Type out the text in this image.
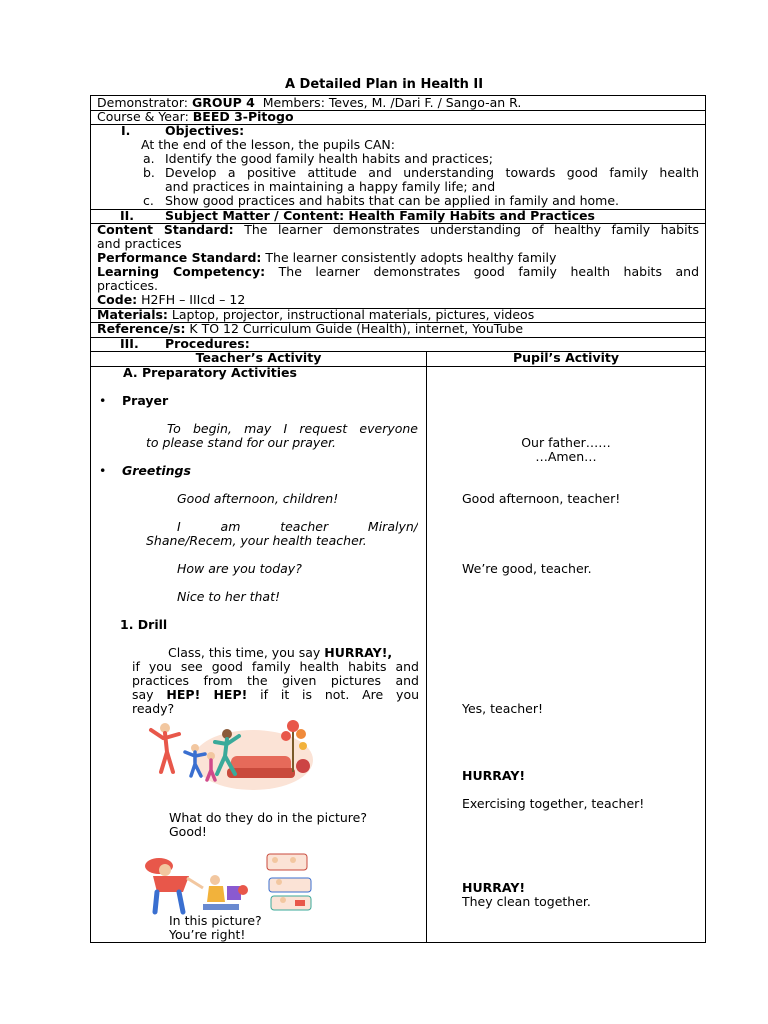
A Detailed Plan in Health II
Demonstrator: GROUP 4  Members: Teves, M. /Dari F. / Sango-an R.
Course & Year: BEED 3-Pitogo
I.	Objectives:
At the end of the lesson, the pupils CAN:
a. Identify the good family health habits and practices;
b. Develop a positive attitude and understanding towards good family health
and practices in maintaining a happy family life; and
c. Show good practices and habits that can be applied in family and home.
II. Subject Matter / Content: Health Family Habits and Practices
Content Standard: The learner demonstrates understanding of healthy family habits
and practices
Performance Standard: The learner consistently adopts healthy family
Learning Competency: The learner demonstrates good family health habits and
practices.
Code: H2FH – IIIcd – 12
Materials: Laptop, projector, instructional materials, pictures, videos
Reference/s: K TO 12 Curriculum Guide (Health), internet, YouTube
III. Procedures:
Teacher’s Activity	Pupil’s Activity
A. Preparatory Activities
• Prayer
To begin, may I request everyone
to please stand for our prayer.
• Greetings
Good afternoon, children!
I am teacher Miralyn/
Shane/Recem, your health teacher.
How are you today?
Nice to her that!
1. Drill
Class, this time, you say HURRAY!,
if you see good family health habits and
practices from the given pictures and
say HEP! HEP! if it is not. Are you
ready?
What do they do in the picture?
Good!
In this picture?
You’re right!
Our father……
…Amen…
Good afternoon, teacher!
We’re good, teacher.
Yes, teacher!
HURRAY!
Exercising together, teacher!
HURRAY!
They clean together.
